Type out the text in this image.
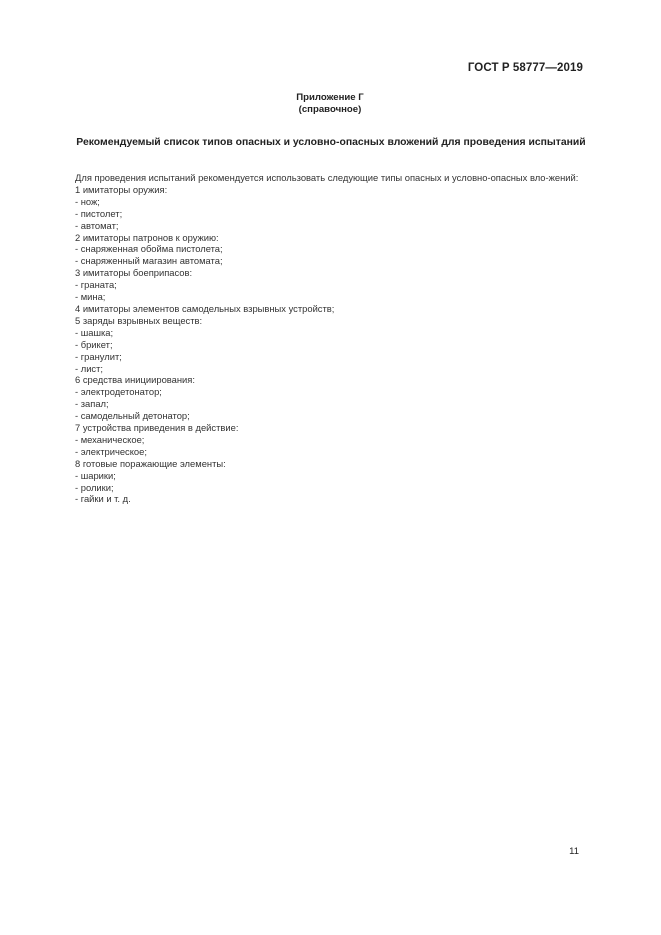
ГОСТ Р 58777—2019
Приложение Г
(справочное)
Рекомендуемый список типов опасных и условно-опасных вложений для проведения испытаний

Для проведения испытаний рекомендуется использовать следующие типы опасных и условно-опасных вло-жений:

1 имитаторы оружия:
- нож;
- пистолет;
- автомат;
2 имитаторы патронов к оружию:
- снаряженная обойма пистолета;
- снаряженный магазин автомата;
3 имитаторы боеприпасов:
- граната;
- мина;
4 имитаторы элементов самодельных взрывных устройств;
5 заряды взрывных веществ:
- шашка;
- брикет;
- гранулит;
- лист;
6 средства инициирования:
- электродетонатор;
- запал;
- самодельный детонатор;
7 устройства приведения в действие:
- механическое;
- электрическое;
8 готовые поражающие элементы:
- шарики;
- ролики;
- гайки и т. д.
11
